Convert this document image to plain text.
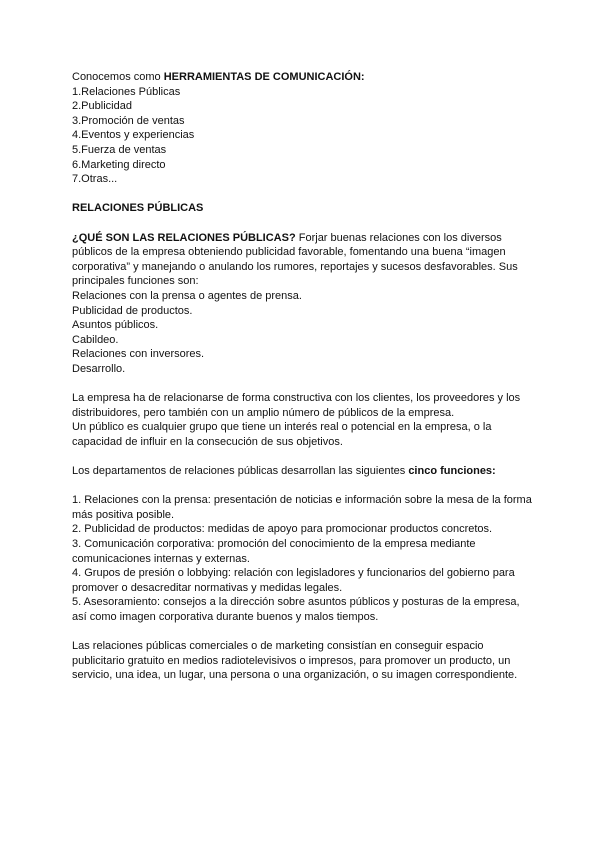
Conocemos como HERRAMIENTAS DE COMUNICACIÓN:

1.Relaciones Públicas

2.Publicidad

3.Promoción de ventas

4.Eventos y experiencias

5.Fuerza de ventas

6.Marketing directo

7.Otras...

RELACIONES PÚBLICAS

¿QUÉ SON LAS RELACIONES PÚBLICAS? Forjar buenas relaciones con los diversos públicos de la empresa obteniendo publicidad favorable, fomentando una buena “imagen corporativa” y manejando o anulando los rumores, reportajes y sucesos desfavorables. Sus principales funciones son:

Relaciones con la prensa o agentes de prensa.

Publicidad de productos.

Asuntos públicos.

Cabildeo.

Relaciones con inversores.

Desarrollo.

La empresa ha de relacionarse de forma constructiva con los clientes, los proveedores y los distribuidores, pero también con un amplio número de públicos de la empresa.

Un público es cualquier grupo que tiene un interés real o potencial en la empresa, o la capacidad de influir en la consecución de sus objetivos.

Los departamentos de relaciones públicas desarrollan las siguientes cinco funciones:

1. Relaciones con la prensa: presentación de noticias e información sobre la mesa de la forma más positiva posible.

2. Publicidad de productos: medidas de apoyo para promocionar productos concretos.

3. Comunicación corporativa: promoción del conocimiento de la empresa mediante comunicaciones internas y externas.

4. Grupos de presión o lobbying: relación con legisladores y funcionarios del gobierno para promover o desacreditar normativas y medidas legales.

5. Asesoramiento: consejos a la dirección sobre asuntos públicos y posturas de la empresa, así como imagen corporativa durante buenos y malos tiempos.

Las relaciones públicas comerciales o de marketing consistían en conseguir espacio publicitario gratuito en medios radiotelevisivos o impresos, para promover un producto, un servicio, una idea, un lugar, una persona o una organización, o su imagen correspondiente.
